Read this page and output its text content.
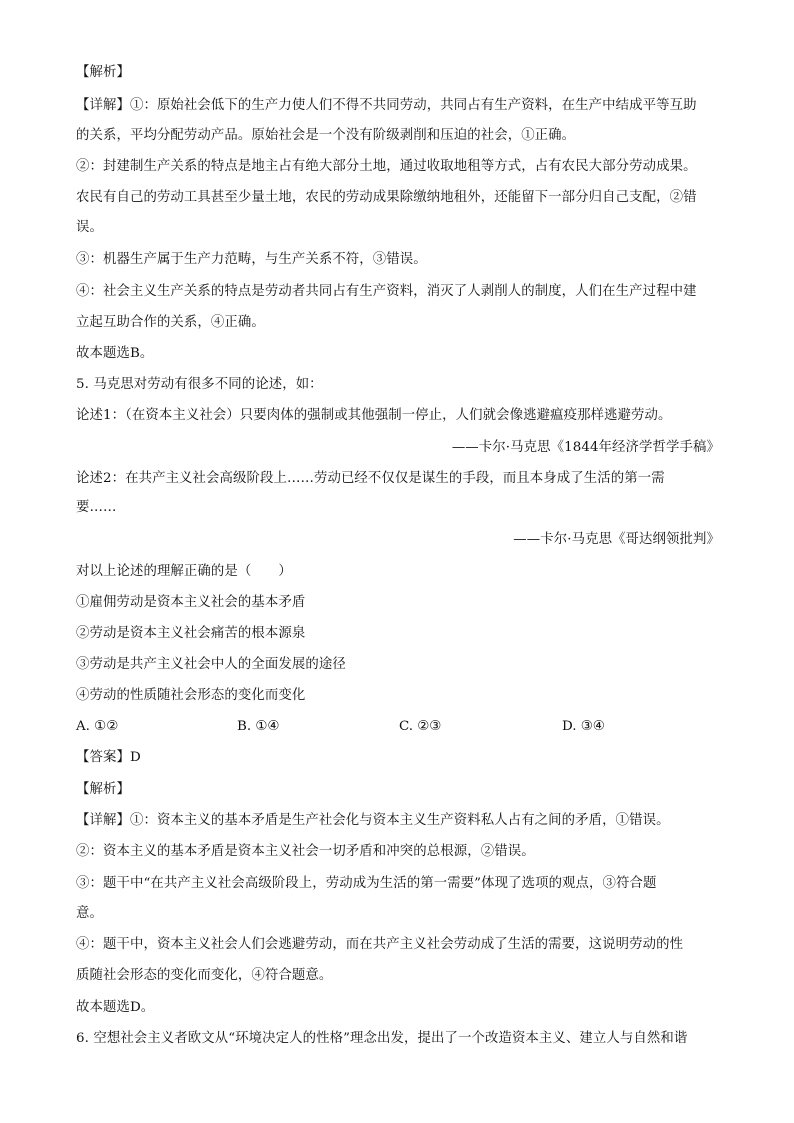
【解析】
【详解】①：原始社会低下的生产力使人们不得不共同劳动，共同占有生产资料，在生产中结成平等互助
的关系，平均分配劳动产品。原始社会是一个没有阶级剥削和压迫的社会，①正确。
②：封建制生产关系的特点是地主占有绝大部分土地，通过收取地租等方式，占有农民大部分劳动成果。
农民有自己的劳动工具甚至少量土地，农民的劳动成果除缴纳地租外，还能留下一部分归自己支配，②错
误。
③：机器生产属于生产力范畴，与生产关系不符，③错误。
④：社会主义生产关系的特点是劳动者共同占有生产资料，消灭了人剥削人的制度，人们在生产过程中建
立起互助合作的关系，④正确。
故本题选B。
5. 马克思对劳动有很多不同的论述，如：
论述1：（在资本主义社会）只要肉体的强制或其他强制一停止，人们就会像逃避瘟疫那样逃避劳动。
——卡尔·马克思《1844年经济学哲学手稿》
论述2：在共产主义社会高级阶段上……劳动已经不仅仅是谋生的手段，而且本身成了生活的第一需
要……
——卡尔·马克思《哥达纲领批判》
对以上论述的理解正确的是（　　）
①雇佣劳动是资本主义社会的基本矛盾
②劳动是资本主义社会痛苦的根本源泉
③劳动是共产主义社会中人的全面发展的途径
④劳动的性质随社会形态的变化而变化
A. ①②	B. ①④	C. ②③	D. ③④
【答案】D
【解析】
【详解】①：资本主义的基本矛盾是生产社会化与资本主义生产资料私人占有之间的矛盾，①错误。
②：资本主义的基本矛盾是资本主义社会一切矛盾和冲突的总根源，②错误。
③：题干中“在共产主义社会高级阶段上，劳动成为生活的第一需要”体现了选项的观点，③符合题
意。
④：题干中，资本主义社会人们会逃避劳动，而在共产主义社会劳动成了生活的需要，这说明劳动的性
质随社会形态的变化而变化，④符合题意。
故本题选D。
6. 空想社会主义者欧文从“环境决定人的性格”理念出发，提出了一个改造资本主义、建立人与自然和谐
